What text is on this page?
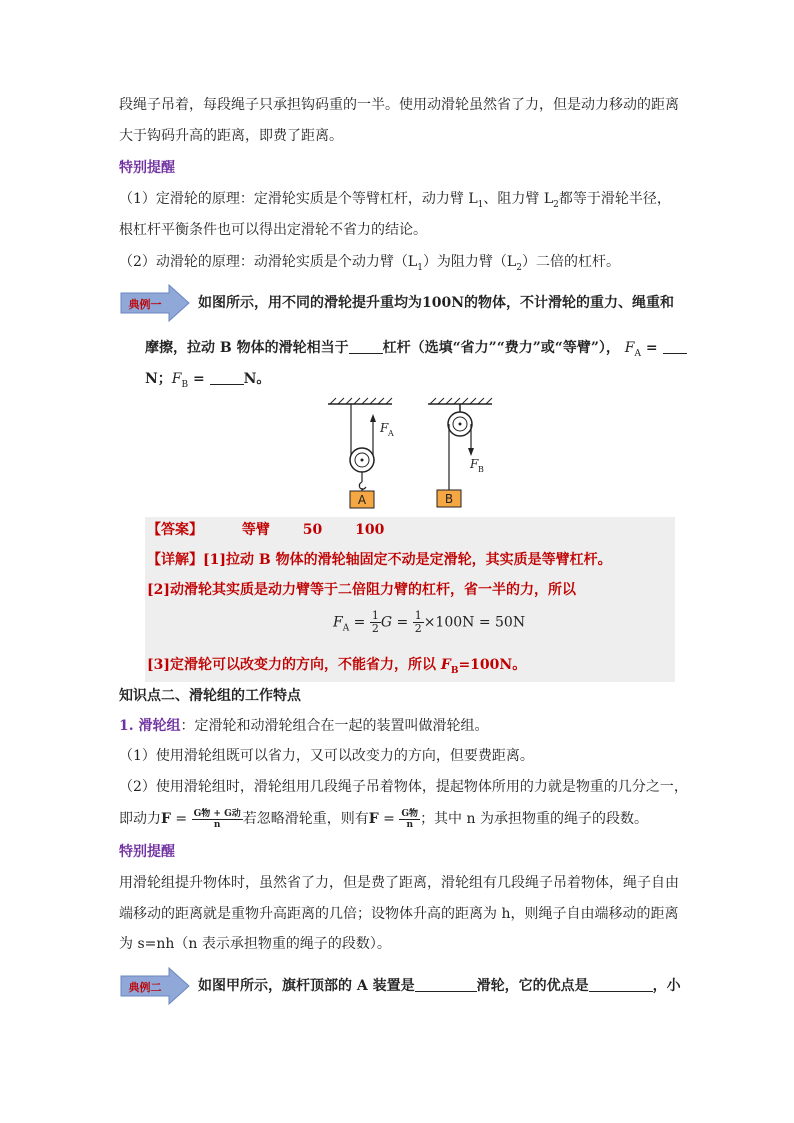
段绳子吊着，每段绳子只承担钩码重的一半。使用动滑轮虽然省了力，但是动力移动的距离
大于钩码升高的距离，即费了距离。
特别提醒
（1）定滑轮的原理：定滑轮实质是个等臂杠杆，动力臂 $L_1$、阻力臂 $L_2$都等于滑轮半径，
根杠杆平衡条件也可以得出定滑轮不省力的结论。
（2）动滑轮的原理：动滑轮实质是个动力臂$(L_1)$为阻力臂$(L_2)$二倍的杠杆。
典例一	如图所示，用不同的滑轮提升重均为100N的物体，不计滑轮的重力、绳重和
摩擦，拉动 B 物体的滑轮相当于 杠杆（选填“省力”“费力”或“等臂”）， $F_A$ =
N；$F_B = N$。
A
F A
B
F B
【答案】	等臂 50 100
【详解】[1]拉动 B 物体的滑轮轴固定不动是定滑轮，其实质是等臂杠杆。
[2]动滑轮其实质是动力臂等于二倍阻力臂的杠杆，省一半的力，所以
$F_A = \frac{1}{2}$ $G = \frac{1}{2} \times 100N = 50N$
[3]定滑轮可以改变力的方向，不能省力，所以 $F_B=100N$。
知识点二、滑轮组的工作特点
1. 滑轮组：定滑轮和动滑轮组合在一起的装置叫做滑轮组。
（1）使用滑轮组既可以省力，又可以改变力的方向，但要费距离。
（2）使用滑轮组时，滑轮组用几段绳子吊着物体，提起物体所用的力就是物重的几分之一，
即动力$F = \frac{\text{G物 + G动}}{n}$ 若忽略滑轮重，则有$F = \frac{\text{G物}}{n}$ ；其中 n 为承担物重的绳子的段数。
特别提醒
用滑轮组提升物体时，虽然省了力，但是费了距离，滑轮组有几段绳子吊着物体，绳子自由
端移动的距离就是重物升高距离的几倍；设物体升高的距离为 h，则绳子自由端移动的距离
为 s=nh（n 表示承担物重的绳子的段数）。
典例二	如图甲所示，旗杆顶部的 A 装置是	滑轮，它的优点是	，小
